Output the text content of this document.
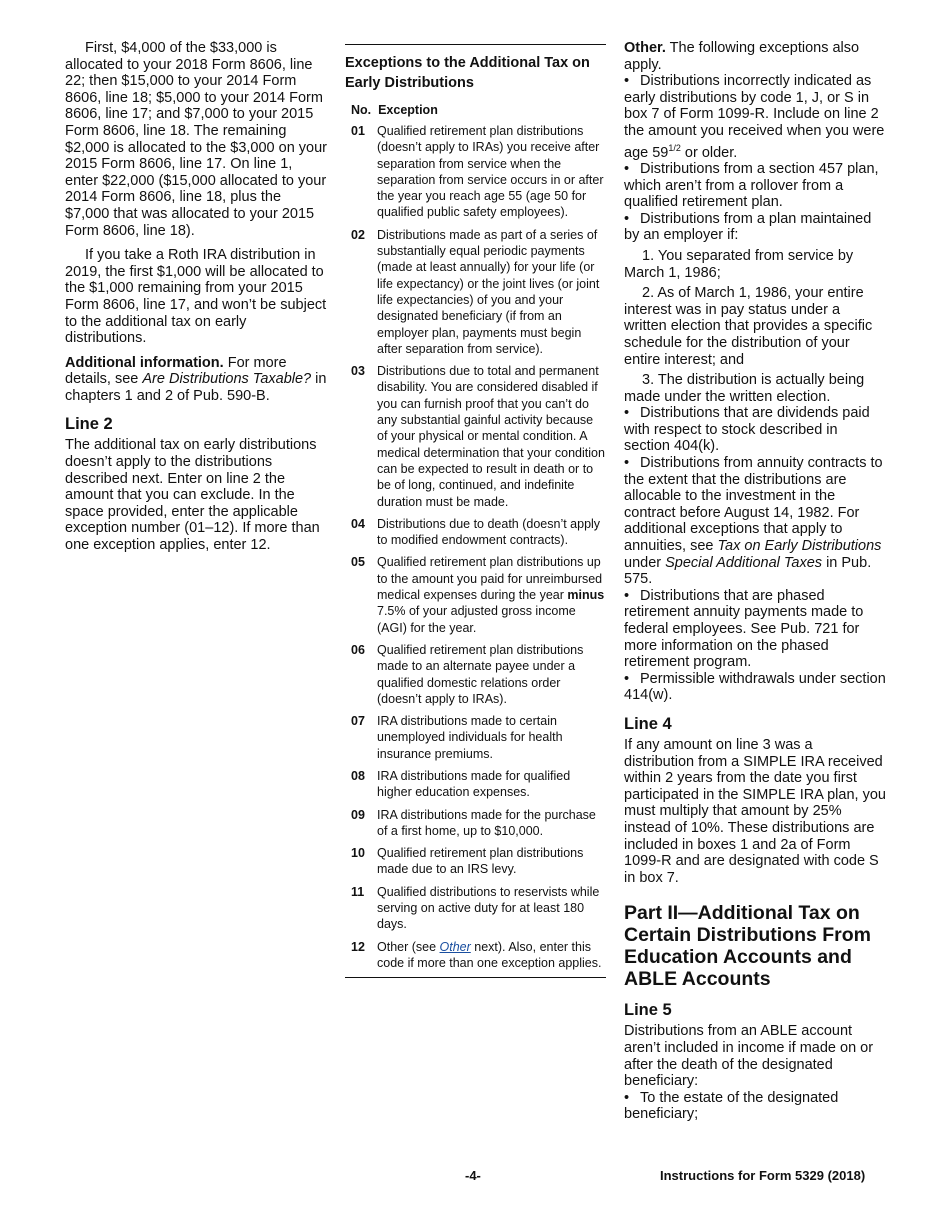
First, $4,000 of the $33,000 is allocated to your 2018 Form 8606, line 22; then $15,000 to your 2014 Form 8606, line 18; $5,000 to your 2014 Form 8606, line 17; and $7,000 to your 2015 Form 8606, line 18. The remaining $2,000 is allocated to the $3,000 on your 2015 Form 8606, line 17. On line 1, enter $22,000 ($15,000 allocated to your 2014 Form 8606, line 18, plus the $7,000 that was allocated to your 2015 Form 8606, line 18).

If you take a Roth IRA distribution in 2019, the first $1,000 will be allocated to the $1,000 remaining from your 2015 Form 8606, line 17, and won’t be subject to the additional tax on early distributions.

Additional information. For more details, see Are Distributions Taxable? in chapters 1 and 2 of Pub. 590-B.

Line 2

The additional tax on early distributions doesn’t apply to the distributions described next. Enter on line 2 the amount that you can exclude. In the space provided, enter the applicable exception number (01–12). If more than one exception applies, enter 12.

Exceptions to the Additional Tax on Early Distributions
No. Exception
01 Qualified retirement plan distributions (doesn’t apply to IRAs) you receive after separation from service when the separation from service occurs in or after the year you reach age 55 (age 50 for qualified public safety employees).
02 Distributions made as part of a series of substantially equal periodic payments (made at least annually) for your life (or life expectancy) or the joint lives (or joint life expectancies) of you and your designated beneficiary (if from an employer plan, payments must begin after separation from service).
03 Distributions due to total and permanent disability. You are considered disabled if you can furnish proof that you can’t do any substantial gainful activity because of your physical or mental condition. A medical determination that your condition can be expected to result in death or to be of long, continued, and indefinite duration must be made.
04 Distributions due to death (doesn’t apply to modified endowment contracts).
05 Qualified retirement plan distributions up to the amount you paid for unreimbursed medical expenses during the year minus 7.5% of your adjusted gross income (AGI) for the year.
06 Qualified retirement plan distributions made to an alternate payee under a qualified domestic relations order (doesn’t apply to IRAs).
07 IRA distributions made to certain unemployed individuals for health insurance premiums.
08 IRA distributions made for qualified higher education expenses.
09 IRA distributions made for the purchase of a first home, up to $10,000.
10 Qualified retirement plan distributions made due to an IRS levy.
11	Qualified distributions to reservists while serving on active duty for at least 180 days.
12 Other (see Other next). Also, enter this code if more than one exception applies.

Other. The following exceptions also apply.

• Distributions incorrectly indicated as early distributions by code 1, J, or S in box 7 of Form 1099-R. Include on line 2 the amount you received when you were age $59^{1/2}$ or older.

• Distributions from a section 457 plan, which aren’t from a rollover from a qualified retirement plan.

• Distributions from a plan maintained by an employer if:

1. You separated from service by March 1, 1986;

2. As of March 1, 1986, your entire interest was in pay status under a written election that provides a specific schedule for the distribution of your entire interest; and

3. The distribution is actually being made under the written election.

• Distributions that are dividends paid with respect to stock described in section 404(k).

• Distributions from annuity contracts to the extent that the distributions are allocable to the investment in the contract before August 14, 1982. For additional exceptions that apply to annuities, see Tax on Early Distributions under Special Additional Taxes in Pub. 575.

• Distributions that are phased retirement annuity payments made to federal employees. See Pub. 721 for more information on the phased retirement program.

• Permissible withdrawals under section 414(w).

Line 4

If any amount on line 3 was a distribution from a SIMPLE IRA received within 2 years from the date you first participated in the SIMPLE IRA plan, you must multiply that amount by 25% instead of 10%. These distributions are included in boxes 1 and 2a of Form 1099-R and are designated with code S in box 7.

Part II—Additional Tax on Certain Distributions From Education Accounts and ABLE Accounts
Line 5

Distributions from an ABLE account aren’t included in income if made on or after the death of the designated beneficiary:

• To the estate of the designated beneficiary;

-4-	Instructions for Form 5329 (2018)
